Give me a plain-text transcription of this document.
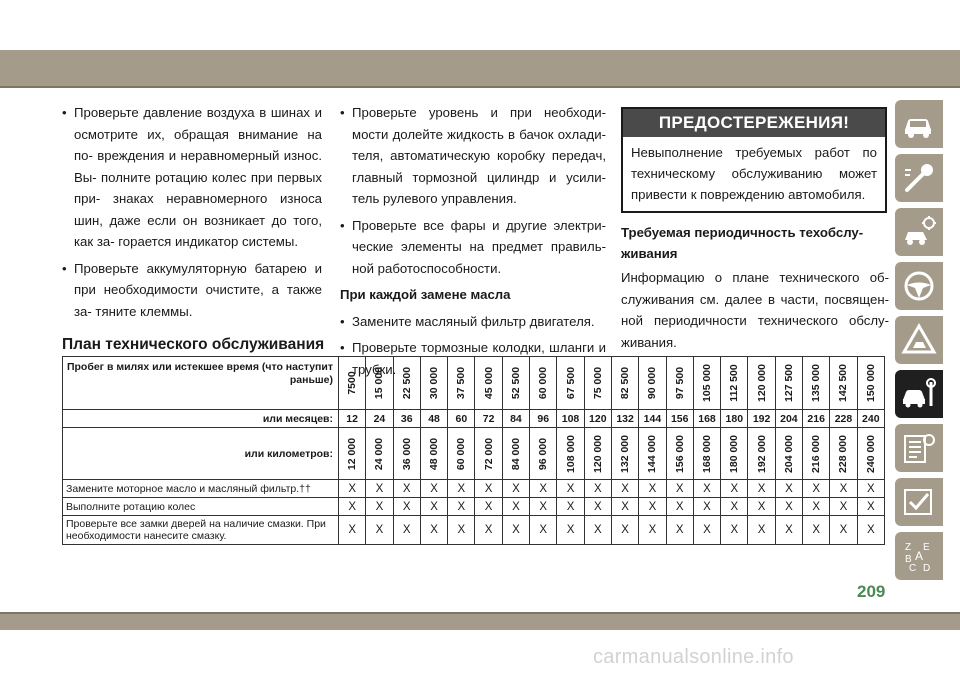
• Проверьте давление воздуха в шинах и осмотрите их, обращая внимание на по- вреждения и неравномерный износ. Вы- полните ротацию колес при первых при- знаках неравномерного износа шин, даже если он возникает до того, как за- горается индикатор системы.

• Проверьте аккумуляторную батарею и при необходимости очистите, а также за- тяните клеммы.

• Проверьте уровень и при необходи- мости долейте жидкость в бачок охлади- теля, автоматическую коробку передач, главный тормозной цилиндр и усили- тель рулевого управления.

• Проверьте все фары и другие электри- ческие элементы на предмет правиль- ной работоспособности.

При каждой замене масла

• Замените масляный фильтр двигателя.

• Проверьте тормозные колодки, шланги и трубки.

ПРЕДОСТЕРЕЖЕНИЯ!
Невыполнение требуемых работ по техническому обслуживанию может привести к повреждению автомобиля.
Требуемая периодичность техобслу- живания

Информацию о плане технического об- служивания см. далее в части, посвящен- ной периодичности технического обслу- живания.

План технического обслуживания
Пробег в милях или истекшее время (что наступит раньше)	7500	15 000	22 500	30 000	37 500	45 000	52 500	60 000	67 500	75 000	82 500	90 000	97 500	105 000	112 500	120 000	127 500	135 000	142 500	150 000

или месяцев:	12	24	36	48	60	72	84	96	108	120	132	144	156	168	180	192	204	216	228	240
или километров:	12 000	24 000	36 000	48 000	60 000	72 000	84 000	96 000	108 000	120 000	132 000	144 000	156 000	168 000	180 000	192 000	204 000	216 000	228 000	240 000

Замените моторное масло и масляный фильтр.††	X	X	X	X	X	X	X	X	X	X	X	X	X	X	X	X	X	X	X	X
Выполните ротацию колес	X	X	X	X	X	X	X	X	X	X	X	X	X	X	X	X	X	X	X	X
Проверьте все замки дверей на наличие смазки. При необходимости нанесите смазку.	X	X	X	X	X	X	X	X	X	X	X	X	X	X	X	X	X	X	X	X
Z E
B A
C D
209
carmanualsonline.info
